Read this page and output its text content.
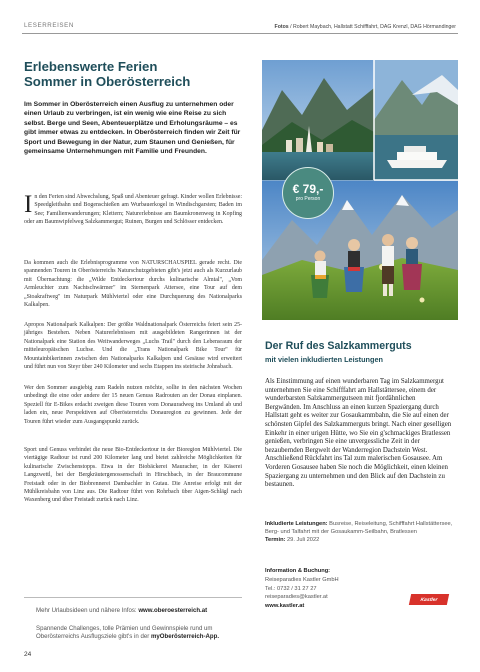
LESERREISEN	Fotos / Robert Maybach, Hallstatt Schifffahrt, DAG Krenzl, DAG Hörmandinger
Erlebenswerte Ferien
Sommer in Oberösterreich

Im Sommer in Oberösterreich einen Ausflug zu unternehmen oder einen Urlaub zu verbringen, ist ein wenig wie eine Reise zu sich selbst. Berge und Seen, Abenteuerplätze und Erholungsräume – es gibt immer etwas zu entdecken. In Oberösterreich finden wir Zeit für Sport und Bewegung in der Natur, zum Staunen und Genießen, für gemeinsame Unternehmungen mit Familie und Freunden.

In den Ferien sind Abwechslung, Spaß und Abenteuer gefragt. Kinder wollen Erlebnisse: Speedgleitbahn und Bogenschießen am Wurbauerkogel in Windischgarsten; Baden im See; Familienwanderungen; Klettern; Naturerlebnisse am Baumkronenweg in Kopfing oder am Baumwipfelweg Salzkammergut; Ruinen, Burgen und Schlösser entdecken.

Da kommen auch die Erlebnisprogramme von NATURSCHAUSPIEL gerade recht. Die spannenden Touren in Oberösterreichs Naturschutzgebieten gibt's jetzt auch als Kurzurlaub mit Übernachtung: die „Wilde Entdeckertour durchs kulinarische Almtal", „Vom Armleuchter zum Nachtschwärmer" im Sternenpark Attersee, eine Tour auf dem „Stoakraftweg" im Naturpark Mühlviertel oder eine Durchquerung des Nationalparks Kalkalpen.

Apropos Nationalpark Kalkalpen: Der größte Waldnationalpark Österreichs feiert sein 25-jähriges Bestehen. Neben Naturerlebnissen mit ausgebildeten Rangerinnen ist der Nationalpark eine Station des Weitwanderweges „Luchs Trail" durch den Lebensraum der mitteleuropäischen Luchse. Und die „Trans Nationalpark Bike Tour" für Mountainbikerinnen zwischen den Nationalparks Kalkalpen und Gesäuse wird erweitert und führt nun von Steyr über 240 Kilometer und sechs Etappen ins steirische Johnsbach.

Wer den Sommer ausgiebig zum Radeln nutzen möchte, sollte in den nächsten Wochen unbedingt die eine oder andere der 15 neuen Genuss Radrouten an der Donau einplanen. Speziell für E-Bikes erdacht zweigen diese Touren vom Donauradweg ins Umland ab und laden ein, neue Perspektiven auf Oberösterreichs Donauregion zu gewinnen. Jede der Touren führt wieder zum Ausgangspunkt zurück.

Sport und Genuss verbindet die neue Bio-Entdeckertour in der Bioregion Mühlviertel. Die viertägige Radtour ist rund 200 Kilometer lang und bietet zahlreiche Möglichkeiten für kulinarische Zwischenstopps. Etwa in der Biobäckerei Mauracher, in der Käserei Langzwettl, bei der Bergkräutergenossenschaft in Hirschbach, in der Braucommune Freistadt oder in der Biobrennerei Dambachler in Gutau. Die Anreise erfolgt mit der Mühlkreisbahn von Linz aus. Die Radtour führt von Rohrbach über Aigen-Schlägl nach Waxenberg und über Freistadt zurück nach Linz.

Mehr Urlaubsideen und nähere Infos: www.oberoesterreich.at
Spannende Challenges, tolle Prämien und Gewinnspiele rund um Oberösterreichs Ausflugsziele gibt's in der myOberösterreich-App.
24
€ 79,-
pro Person
Der Ruf des Salzkammerguts
mit vielen inkludierten Leistungen

Als Einstimmung auf einen wunderbaren Tag im Salzkammergut unternehmen Sie eine Schifffahrt am Hallstättersee, einem der wunderbarsten Salzkammergutseen mit fjordähnlichen Bergwänden. Im Anschluss an einen kurzen Spaziergang durch Hallstatt geht es weiter zur Gosaukammbahn, die Sie auf einen der schönsten Gipfel des Salzkammerguts bringt. Nach einer geselligen Einkehr in einer urigen Hütte, wo Sie ein g'schmackiges Bratlessen genießen, verbringen Sie eine unvergessliche Zeit in der bezaubernden Bergwelt der Wanderregion Dachstein West. Anschließend Rückfahrt ins Tal zum malerischen Gosausee. Am Vorderen Gosausee haben Sie noch die Möglichkeit, einen kleinen Spaziergang zu unternehmen und den Blick auf den Dachstein zu bestaunen.

Inkludierte Leistungen: Busreise, Reiseleitung, Schifffahrt Hallstättersee, Berg- und Talfahrt mit der Gosaukamm-Seilbahn, Bratlessen
Termin: 29. Juli 2022
Information & Buchung:
Reiseparadies Kastler GmbH
Tel.: 0732 / 31 27 27
reiseparadies@kastler.at
www.kastler.at
Kastler
